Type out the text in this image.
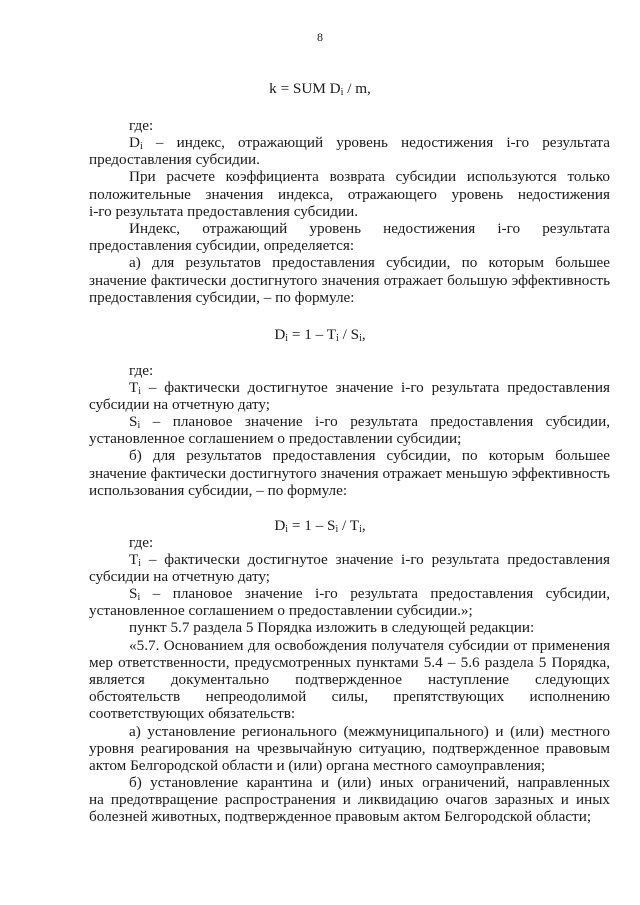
8
k = SUM $D_i$ / m,
где:
$D_i$ – индекс, отражающий уровень недостижения i-го результата
предоставления субсидии.
При расчете коэффициента возврата субсидии используются только
положительные значения индекса, отражающего уровень недостижения
i-го результата предоставления субсидии.
Индекс, отражающий уровень недостижения i-го результата
предоставления субсидии, определяется:
а) для результатов предоставления субсидии, по которым большее
значение фактически достигнутого значения отражает большую эффективность
предоставления субсидии, – по формуле:
$D_i = 1 - T_i / S_i$,
где:
$T_i$ – фактически достигнутое значение i-го результата предоставления
субсидии на отчетную дату;
$S_i$ – плановое значение i-го результата предоставления субсидии,
установленное соглашением о предоставлении субсидии;
б) для результатов предоставления субсидии, по которым большее
значение фактически достигнутого значения отражает меньшую эффективность
использования субсидии, – по формуле:
$D_i = 1 - S_i / T_i$,
где:
$T_i$ – фактически достигнутое значение i-го результата предоставления
субсидии на отчетную дату;
$S_i$ – плановое значение i-го результата предоставления субсидии,
установленное соглашением о предоставлении субсидии.»;
пункт 5.7 раздела 5 Порядка изложить в следующей редакции:
«5.7. Основанием для освобождения получателя субсидии от применения
мер ответственности, предусмотренных пунктами 5.4 – 5.6 раздела 5 Порядка,
является документально подтвержденное наступление следующих
обстоятельств непреодолимой силы, препятствующих исполнению
соответствующих обязательств:
а) установление регионального (межмуниципального) и (или) местного
уровня реагирования на чрезвычайную ситуацию, подтвержденное правовым
актом Белгородской области и (или) органа местного самоуправления;
б) установление карантина и (или) иных ограничений, направленных
на предотвращение распространения и ликвидацию очагов заразных и иных
болезней животных, подтвержденное правовым актом Белгородской области;
